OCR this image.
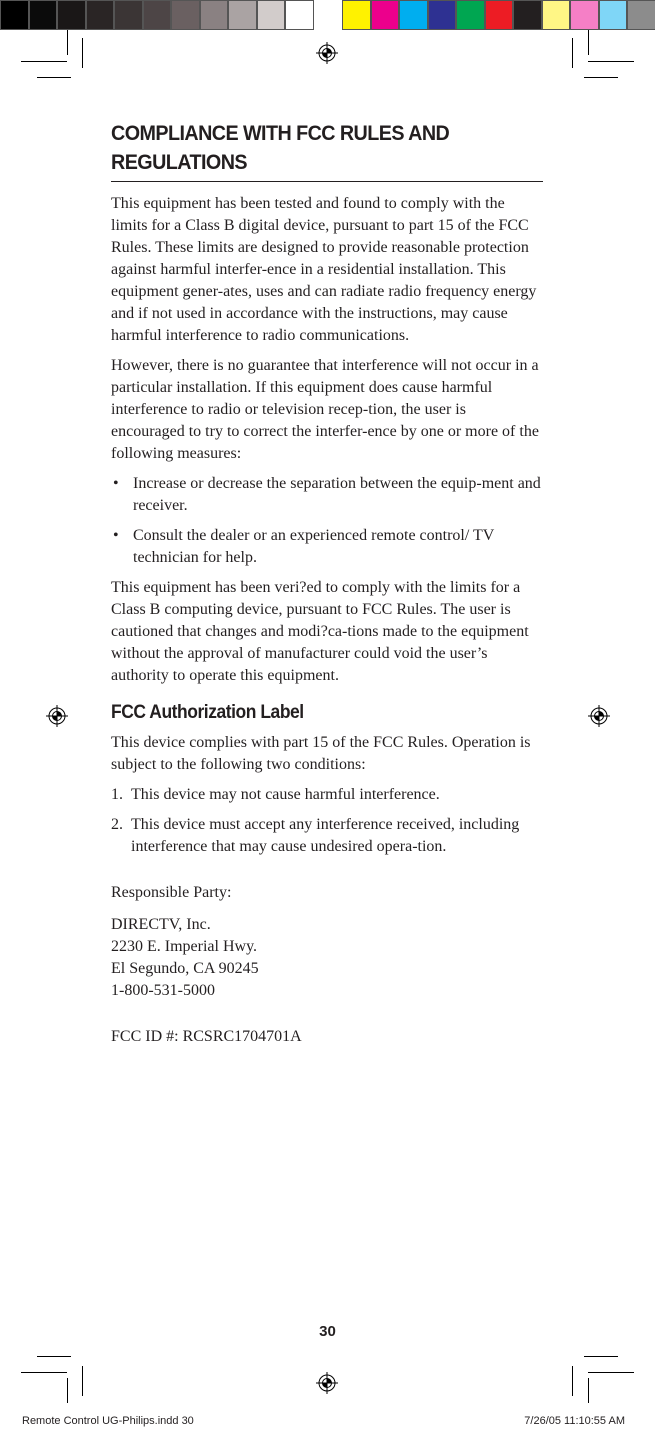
COMPLIANCE WITH FCC RULES AND REGULATIONS

This equipment has been tested and found to comply with the limits for a Class B digital device, pursuant to part 15 of the FCC Rules. These limits are designed to provide reasonable protection against harmful interfer-ence in a residential installation. This equipment gener-ates, uses and can radiate radio frequency energy and if not used in accordance with the instructions, may cause harmful interference to radio communications.

However, there is no guarantee that interference will not occur in a particular installation. If this equipment does cause harmful interference to radio or television recep-tion, the user is encouraged to try to correct the interfer-ence by one or more of the following measures:

• Increase or decrease the separation between the equip-ment and receiver.
• Consult the dealer or an experienced remote control/ TV technician for help.

This equipment has been veri?ed to comply with the limits for a Class B computing device, pursuant to FCC Rules. The user is cautioned that changes and modi?ca-tions made to the equipment without the approval of manufacturer could void the user’s authority to operate this equipment.

FCC Authorization Label

This device complies with part 15 of the FCC Rules. Operation is subject to the following two conditions:

1. This device may not cause harmful interference.
2. This device must accept any interference received, including interference that may cause undesired opera-tion.

Responsible Party:

DIRECTV, Inc.

2230 E. Imperial Hwy.

El Segundo, CA 90245

1-800-531-5000

FCC ID #: RCSRC1704701A

30
Remote Control UG-Philips.indd 30	7/26/05 11:10:55 AM
